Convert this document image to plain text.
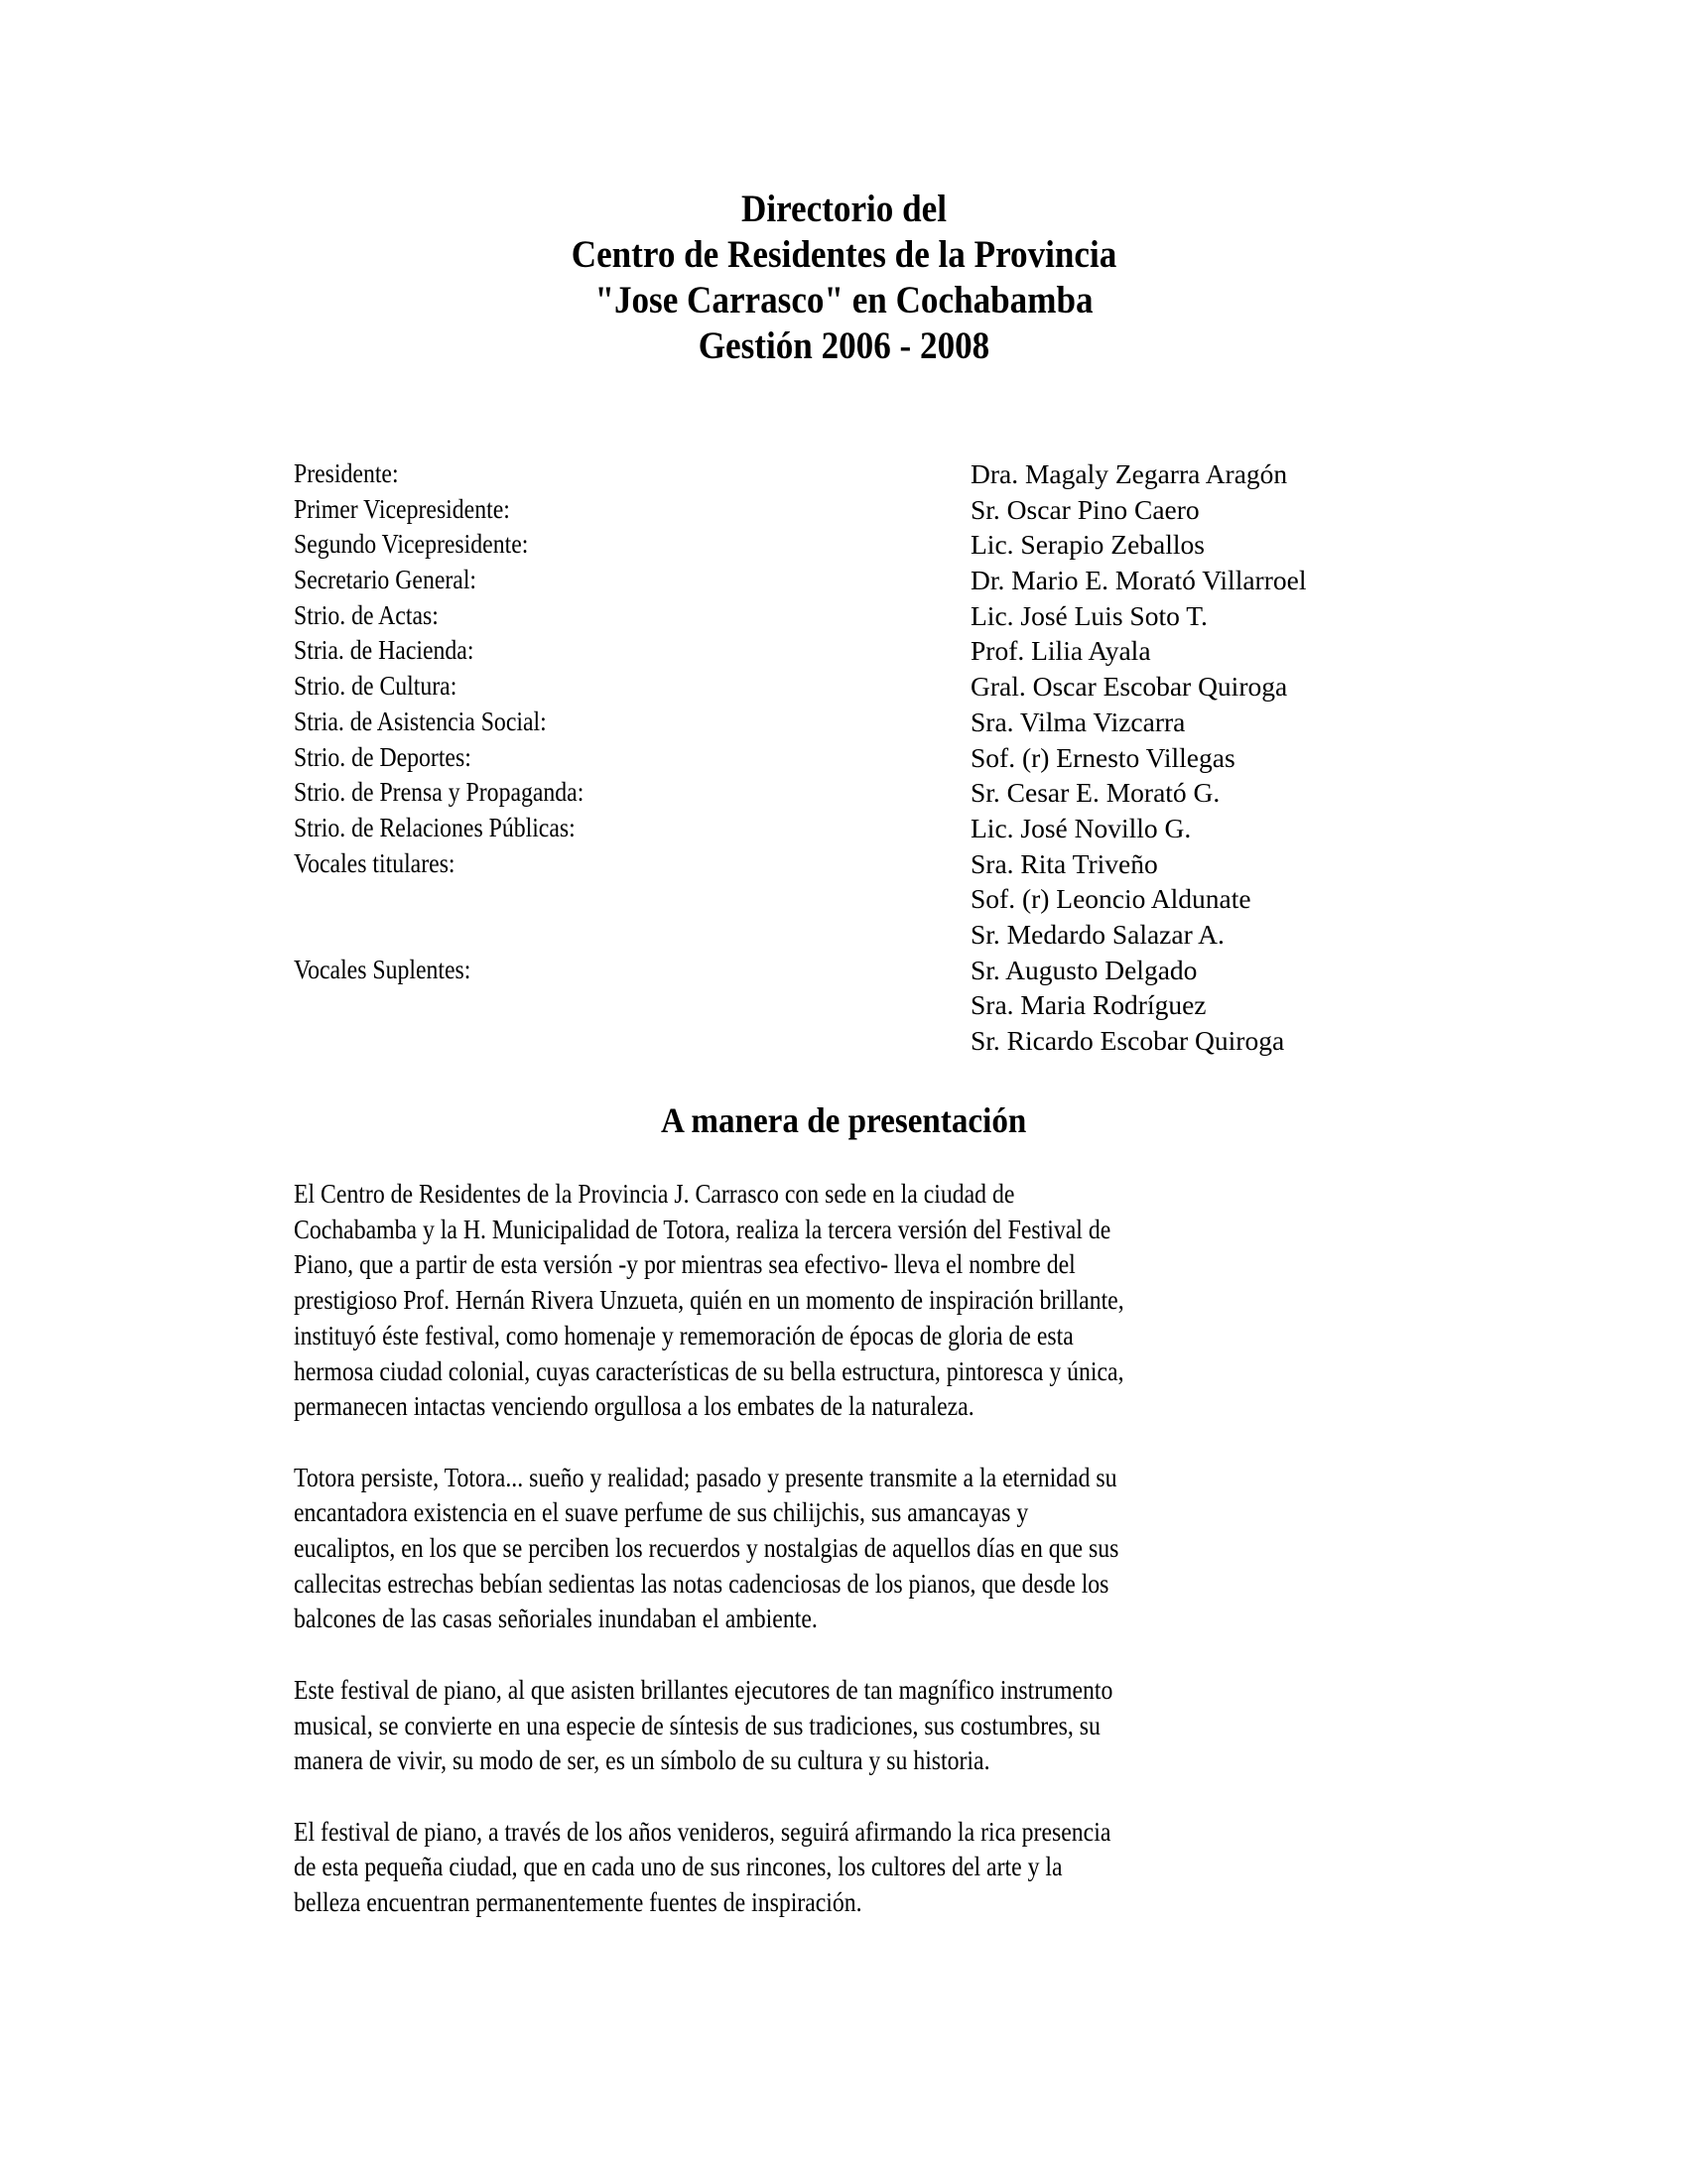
Directorio del
Centro de Residentes de la Provincia
"Jose Carrasco" en Cochabamba
Gestión 2006 - 2008
Presidente:	Dra. Magaly Zegarra Aragón
Primer Vicepresidente:	Sr. Oscar Pino Caero
Segundo Vicepresidente:	Lic. Serapio Zeballos
Secretario General:	Dr. Mario E. Morató Villarroel
Strio. de Actas:	Lic. José Luis Soto T.
Stria. de Hacienda:	Prof. Lilia Ayala
Strio. de Cultura:	Gral. Oscar Escobar Quiroga
Stria. de Asistencia Social:	Sra. Vilma Vizcarra
Strio. de Deportes:	Sof. (r) Ernesto Villegas
Strio. de Prensa y Propaganda:	Sr. Cesar E. Morató G.
Strio. de Relaciones Públicas:	Lic. José Novillo G.
Vocales titulares:	Sra. Rita Triveño
Sof. (r) Leoncio Aldunate
Sr. Medardo Salazar A.
Vocales Suplentes:	Sr. Augusto Delgado
Sra. Maria Rodríguez
Sr. Ricardo Escobar Quiroga
A manera de presentación

El Centro de Residentes de la Provincia J. Carrasco con sede en la ciudad de
Cochabamba y la H. Municipalidad de Totora, realiza la tercera versión del Festival de
Piano, que a partir de esta versión -y por mientras sea efectivo- lleva el nombre del
prestigioso Prof. Hernán Rivera Unzueta, quién en un momento de inspiración brillante,
instituyó éste festival, como homenaje y rememoración de épocas de gloria de esta
hermosa ciudad colonial, cuyas características de su bella estructura, pintoresca y única,
permanecen intactas venciendo orgullosa a los embates de la naturaleza.

Totora persiste, Totora... sueño y realidad; pasado y presente transmite a la eternidad su
encantadora existencia en el suave perfume de sus chilijchis, sus amancayas y
eucaliptos, en los que se perciben los recuerdos y nostalgias de aquellos días en que sus
callecitas estrechas bebían sedientas las notas cadenciosas de los pianos, que desde los
balcones de las casas señoriales inundaban el ambiente.

Este festival de piano, al que asisten brillantes ejecutores de tan magnífico instrumento
musical, se convierte en una especie de síntesis de sus tradiciones, sus costumbres, su
manera de vivir, su modo de ser, es un símbolo de su cultura y su historia.

El festival de piano, a través de los años venideros, seguirá afirmando la rica presencia
de esta pequeña ciudad, que en cada uno de sus rincones, los cultores del arte y la
belleza encuentran permanentemente fuentes de inspiración.
